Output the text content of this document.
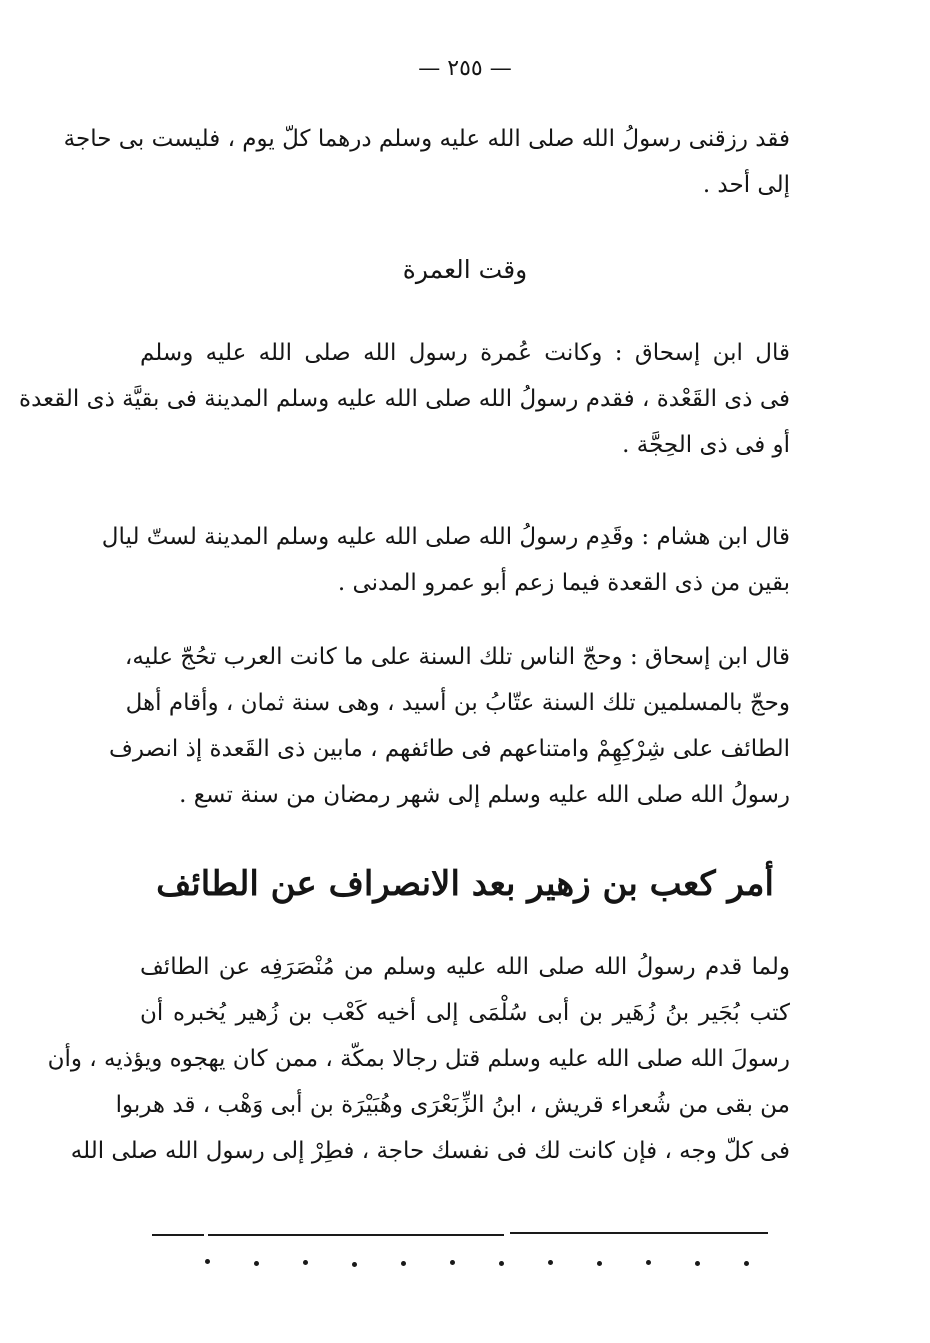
— ٢٥٥ —
فقد رزقنى رسولُ الله صلى الله عليه وسلم درهما كلّ يوم ، فليست بى حاجة
إلى أحد .
وقت العمرة
قال ابن إسحاق : وكانت عُمرة رسول الله صلى الله عليه وسلم
فى ذى القَعْدة ، فقدم رسولُ الله صلى الله عليه وسلم المدينة فى بقيَّة ذى القعدة
أو فى ذى الحِجَّة .
قال ابن هشام : وقَدِم رسولُ الله صلى الله عليه وسلم المدينة لستّ ليال
بقين من ذى القعدة فيما زعم أبو عمرو المدنى .
قال ابن إسحاق : وحجّ الناس تلك السنة على ما كانت العرب تحُجّ عليه،
وحجّ بالمسلمين تلك السنة عتّابُ بن أسيد ، وهى سنة ثمان ، وأقام أهل
الطائف على شِرْكِهِمْ وامتناعهم فى طائفهم ، مابين ذى القَعدة إذ انصرف
رسولُ الله صلى الله عليه وسلم إلى شهر رمضان من سنة تسع .
أمر كعب بن زهير بعد الانصراف عن الطائف
ولما قدم رسولُ الله صلى الله عليه وسلم من مُنْصَرَفِه عن الطائف
كتب بُجَير بنُ زُهَير بن أبى سُلْمَى إلى أخيه كَعْب بن زُهير يُخبره أن
رسولَ الله صلى الله عليه وسلم قتل رجالا بمكّة ، ممن كان يهجوه ويؤذيه ، وأن
من بقى من شُعراء قريش ، ابنُ الزِّبَعْرَى وهُبَيْرَة بن أبى وَهْب ، قد هربوا
فى كلّ وجه ، فإن كانت لك فى نفسك حاجة ، فطِرْ إلى رسول الله صلى الله
